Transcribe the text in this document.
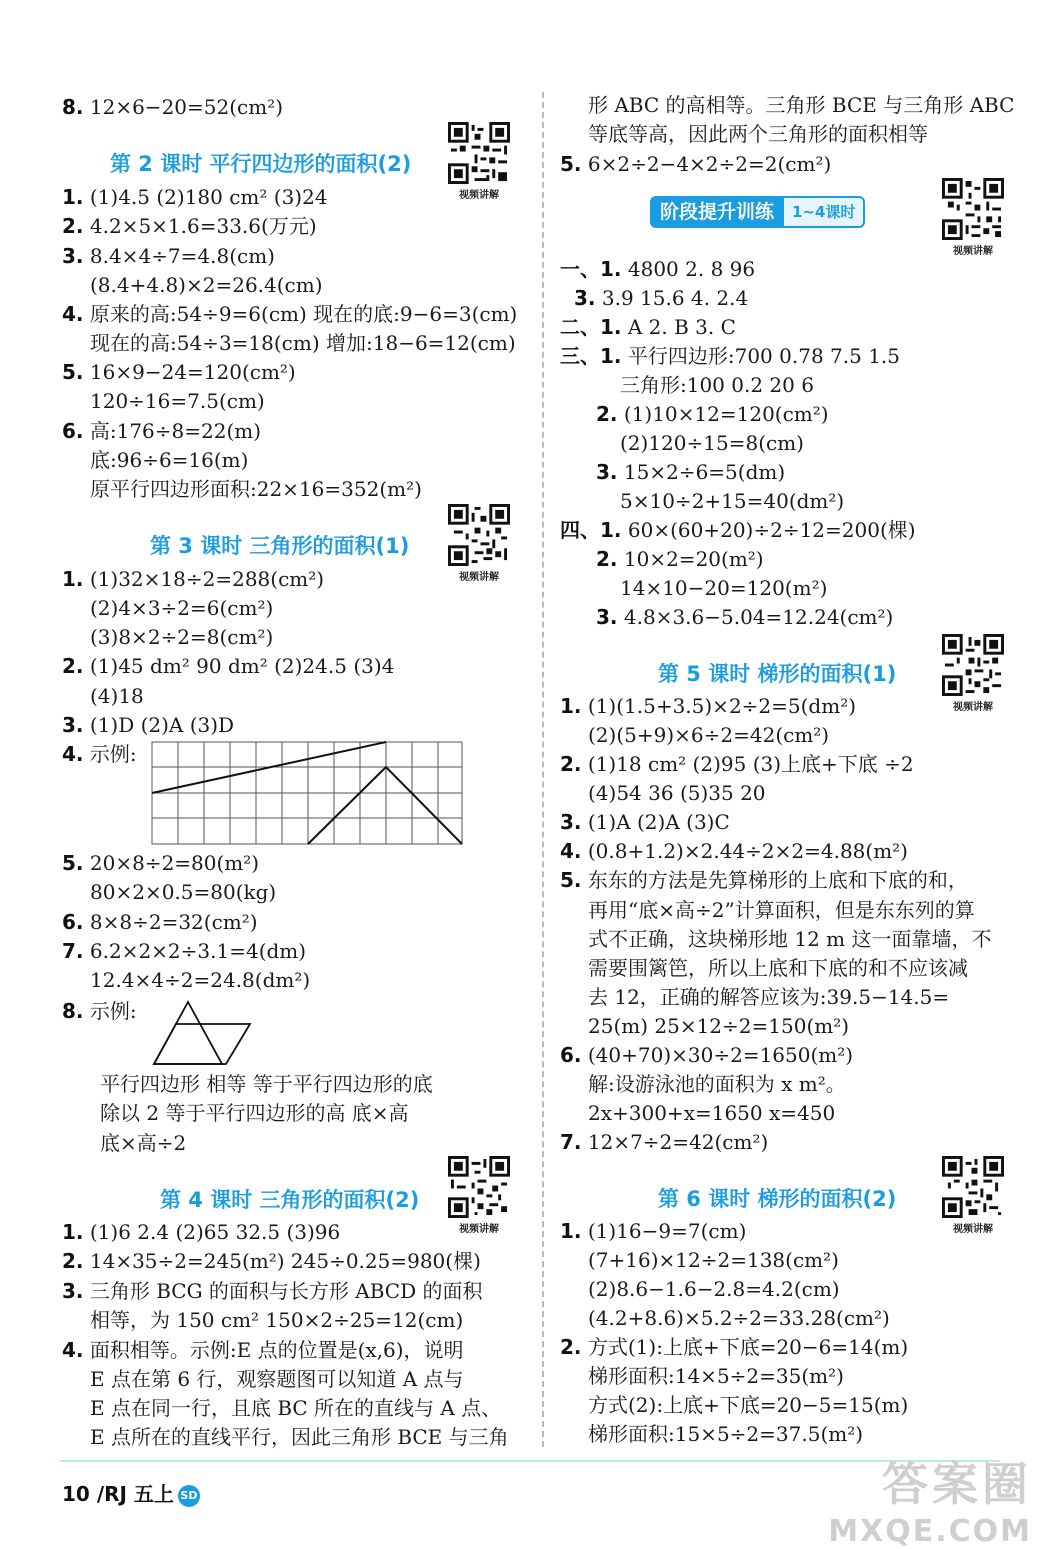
8. 12×6−20=52(cm²)
第 2 课时 平行四边形的面积(2)
1. (1)4.5 (2)180 cm² (3)24
2. 4.2×5×1.6=33.6(万元)
3. 8.4×4÷7=4.8(cm)
(8.4+4.8)×2=26.4(cm)
4. 原来的高:54÷9=6(cm) 现在的底:9−6=3(cm)
现在的高:54÷3=18(cm) 增加:18−6=12(cm)
5. 16×9−24=120(cm²)
120÷16=7.5(cm)
6. 高:176÷8=22(m)
底:96÷6=16(m)
原平行四边形面积:22×16=352(m²)
第 3 课时 三角形的面积(1)
1. (1)32×18÷2=288(cm²)
(2)4×3÷2=6(cm²)
(3)8×2÷2=8(cm²)
2. (1)45 dm² 90 dm² (2)24.5 (3)4
(4)18
3. (1)D (2)A (3)D
4. 示例:
5. 20×8÷2=80(m²)
80×2×0.5=80(kg)
6. 8×8÷2=32(cm²)
7. 6.2×2×2÷3.1=4(dm)
12.4×4÷2=24.8(dm²)
8. 示例:
平行四边形 相等 等于平行四边形的底
除以 2 等于平行四边形的高 底×高
底×高÷2
第 4 课时 三角形的面积(2)
1. (1)6 2.4 (2)65 32.5 (3)96
2. 14×35÷2=245(m²) 245÷0.25=980(棵)
3. 三角形 BCG 的面积与长方形 ABCD 的面积
相等，为 150 cm² 150×2÷25=12(cm)
4. 面积相等。示例:E 点的位置是(x,6)，说明
E 点在第 6 行，观察题图可以知道 A 点与
E 点在同一行，且底 BC 所在的直线与 A 点、
E 点所在的直线平行，因此三角形 BCE 与三角
形 ABC 的高相等。三角形 BCE 与三角形 ABC
等底等高，因此两个三角形的面积相等
5. 6×2÷2−4×2÷2=2(cm²)
一、1. 4800 2. 8 96
3. 3.9 15.6 4. 2.4
二、1. A 2. B 3. C
三、1. 平行四边形:700 0.78 7.5 1.5
三角形:100 0.2 20 6
2. (1)10×12=120(cm²)
(2)120÷15=8(cm)
3. 15×2÷6=5(dm)
5×10÷2+15=40(dm²)
四、1. 60×(60+20)÷2÷12=200(棵)
2. 10×2=20(m²)
14×10−20=120(m²)
3. 4.8×3.6−5.04=12.24(cm²)
第 5 课时 梯形的面积(1)
1. (1)(1.5+3.5)×2÷2=5(dm²)
(2)(5+9)×6÷2=42(cm²)
2. (1)18 cm² (2)95 (3)上底+下底 ÷2
(4)54 36 (5)35 20
3. (1)A (2)A (3)C
4. (0.8+1.2)×2.44÷2×2=4.88(m²)
5. 东东的方法是先算梯形的上底和下底的和，
再用“底×高÷2”计算面积，但是东东列的算
式不正确，这块梯形地 12 m 这一面靠墙，不
需要围篱笆，所以上底和下底的和不应该减
去 12，正确的解答应该为:39.5−14.5=
25(m) 25×12÷2=150(m²)
6. (40+70)×30÷2=1650(m²)
解:设游泳池的面积为 x m²。
2x+300+x=1650 x=450
7. 12×7÷2=42(cm²)
第 6 课时 梯形的面积(2)
1. (1)16−9=7(cm)
(7+16)×12÷2=138(cm²)
(2)8.6−1.6−2.8=4.2(cm)
(4.2+8.6)×5.2÷2=33.28(cm²)
2. 方式(1):上底+下底=20−6=14(m)
梯形面积:14×5÷2=35(m²)
方式(2):上底+下底=20−5=15(m)
梯形面积:15×5÷2=37.5(m²)
阶段提升训练	1~4课时
视频讲解
视频讲解
视频讲解
视频讲解
视频讲解
视频讲解
10 /RJ 五上 SD	答案圈
MXQE.COM
